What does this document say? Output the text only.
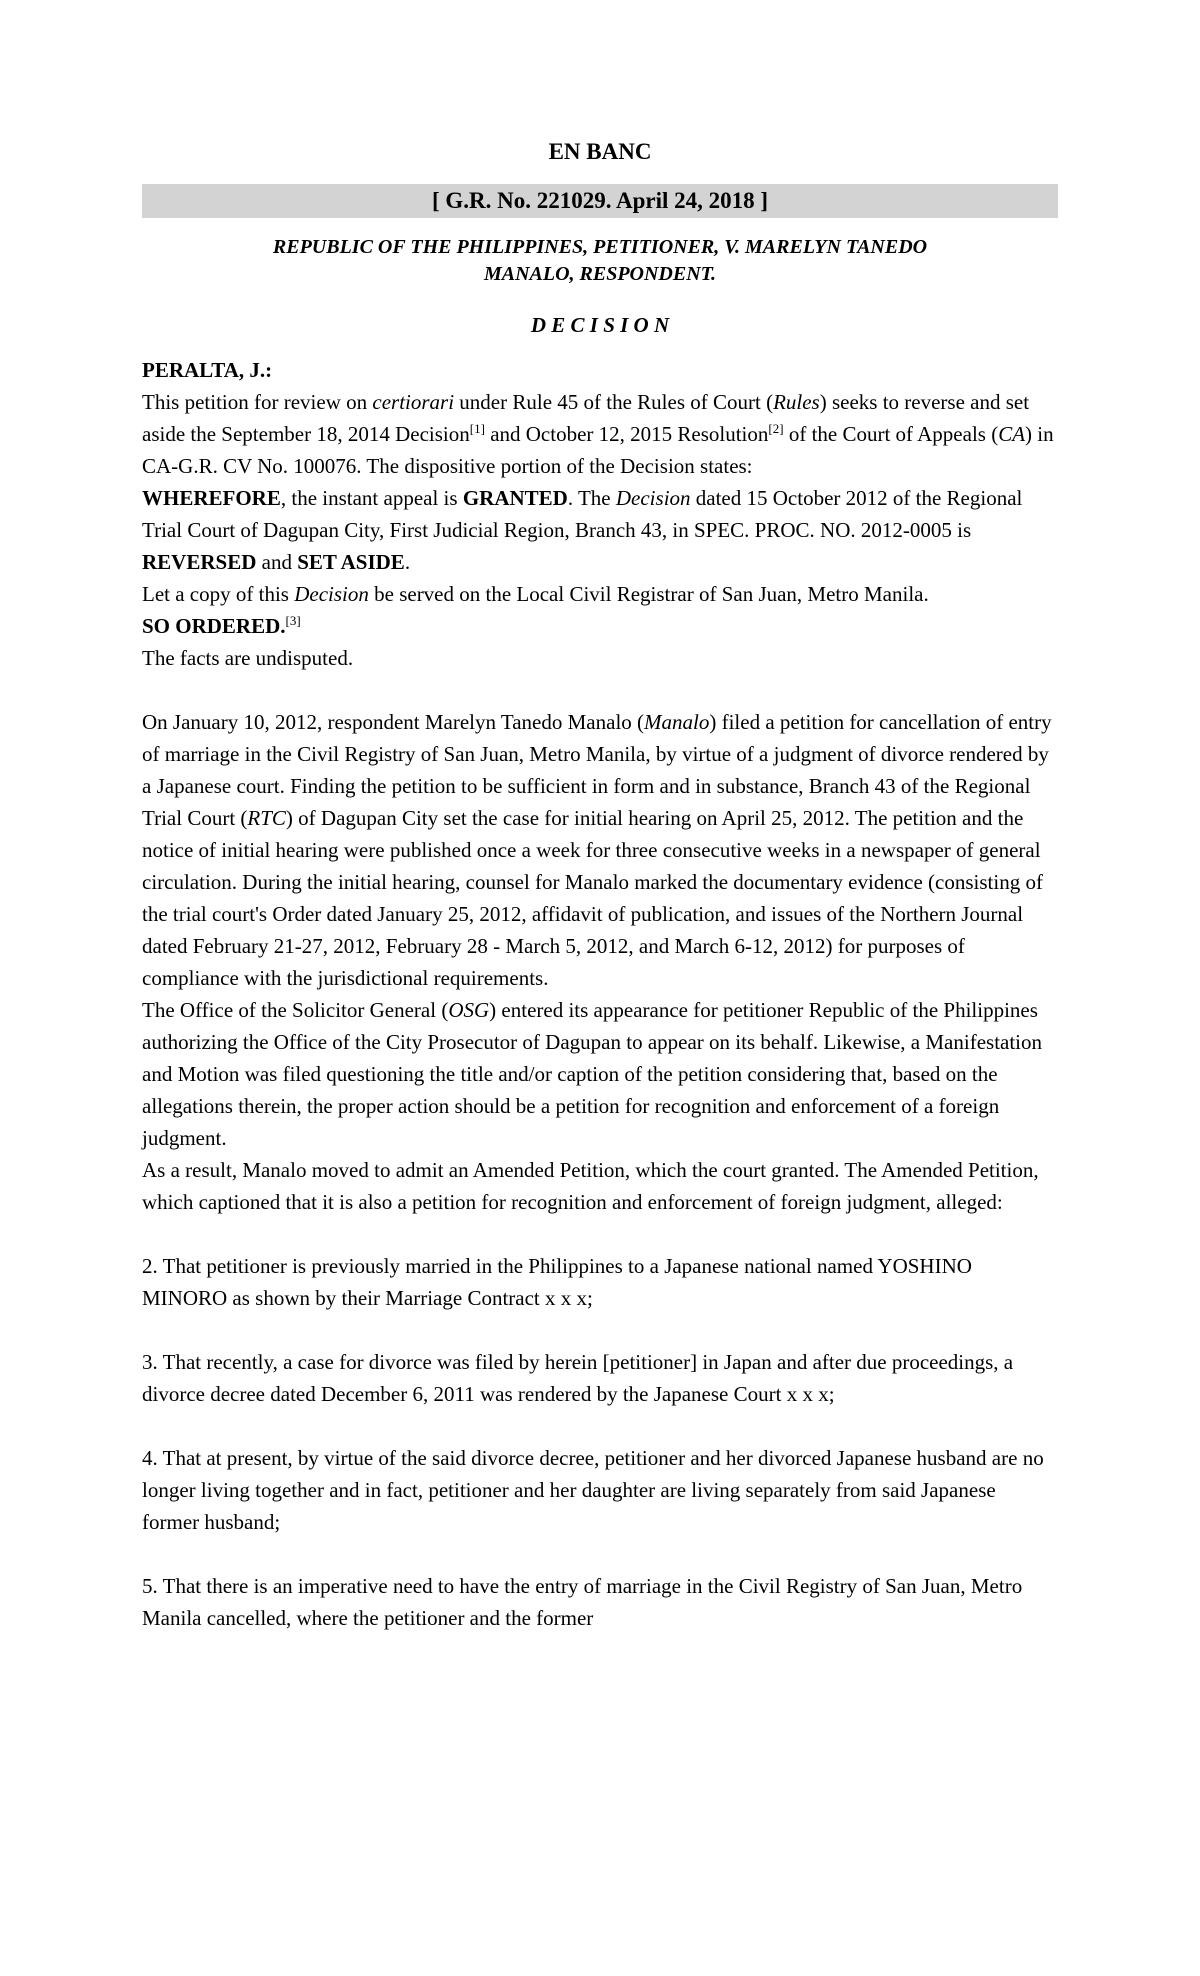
EN BANC
[ G.R. No. 221029. April 24, 2018 ]
REPUBLIC OF THE PHILIPPINES, PETITIONER, V. MARELYN TANEDO MANALO, RESPONDENT.
D E C I S I O N

PERALTA, J.:

This petition for review on certiorari under Rule 45 of the Rules of Court (Rules) seeks to reverse and set aside the September 18, 2014 Decision[1] and October 12, 2015 Resolution[2] of the Court of Appeals (CA) in CA-G.R. CV No. 100076. The dispositive portion of the Decision states:

WHEREFORE, the instant appeal is GRANTED. The Decision dated 15 October 2012 of the Regional Trial Court of Dagupan City, First Judicial Region, Branch 43, in SPEC. PROC. NO. 2012-0005 is REVERSED and SET ASIDE.

Let a copy of this Decision be served on the Local Civil Registrar of San Juan, Metro Manila.

SO ORDERED.[3]

The facts are undisputed.

On January 10, 2012, respondent Marelyn Tanedo Manalo (Manalo) filed a petition for cancellation of entry of marriage in the Civil Registry of San Juan, Metro Manila, by virtue of a judgment of divorce rendered by a Japanese court. Finding the petition to be sufficient in form and in substance, Branch 43 of the Regional Trial Court (RTC) of Dagupan City set the case for initial hearing on April 25, 2012. The petition and the notice of initial hearing were published once a week for three consecutive weeks in a newspaper of general circulation. During the initial hearing, counsel for Manalo marked the documentary evidence (consisting of the trial court's Order dated January 25, 2012, affidavit of publication, and issues of the Northern Journal dated February 21-27, 2012, February 28 - March 5, 2012, and March 6-12, 2012) for purposes of compliance with the jurisdictional requirements.

The Office of the Solicitor General (OSG) entered its appearance for petitioner Republic of the Philippines authorizing the Office of the City Prosecutor of Dagupan to appear on its behalf. Likewise, a Manifestation and Motion was filed questioning the title and/or caption of the petition considering that, based on the allegations therein, the proper action should be a petition for recognition and enforcement of a foreign judgment.

As a result, Manalo moved to admit an Amended Petition, which the court granted. The Amended Petition, which captioned that it is also a petition for recognition and enforcement of foreign judgment, alleged:

2. That petitioner is previously married in the Philippines to a Japanese national named YOSHINO MINORO as shown by their Marriage Contract x x x;

3. That recently, a case for divorce was filed by herein [petitioner] in Japan and after due proceedings, a divorce decree dated December 6, 2011 was rendered by the Japanese Court x x x;

4. That at present, by virtue of the said divorce decree, petitioner and her divorced Japanese husband are no longer living together and in fact, petitioner and her daughter are living separately from said Japanese former husband;

5. That there is an imperative need to have the entry of marriage in the Civil Registry of San Juan, Metro Manila cancelled, where the petitioner and the former
